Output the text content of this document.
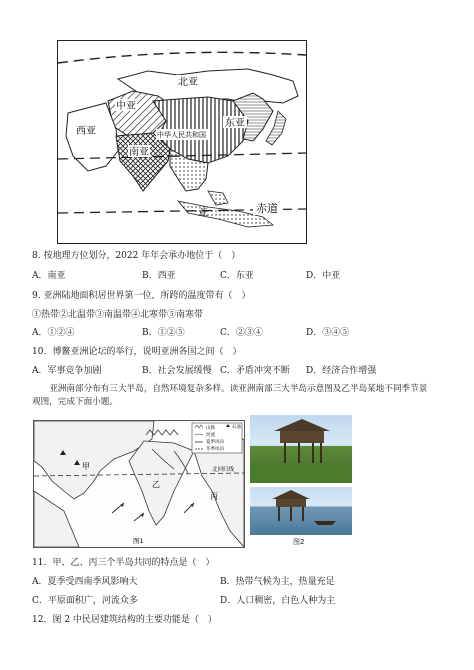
北亚
中亚
西亚
东亚
中华人民共和国
南亚
亚	赤道
8. 按地理方位划分，2022 年年会承办地位于（　）
A．南亚	B．西亚	C．东亚	D．中亚
9. 亚洲陆地面积居世界第一位，所跨的温度带有（　）
①热带②北温带③南温带④北寒带⑤南寒带
A．①②④	B．①②⑤	C．②③④	D．③④⑤
10．博鳌亚洲论坛的举行，说明亚洲各国之间（　）
A．军事竞争加剧	B．社会发展缓慢 C．矛盾冲突不断 D．经济合作增强
亚洲南部分布有三大半岛，自然环境复杂多样。读亚洲南部三大半岛示意图及乙半岛某地不同季节景观图，完成下面小题。
山脉
河流
夏季风向
冬季风向
石油
甲
乙
丙
北回归线
图1	图2
11．甲、乙、丙三个半岛共同的特点是（　）
A．夏季受西南季风影响大	B．热带气候为主，热量充足
C．平原面积广，河流众多	D．人口稠密，白色人种为主
12．图 2 中民居建筑结构的主要功能是（　）
